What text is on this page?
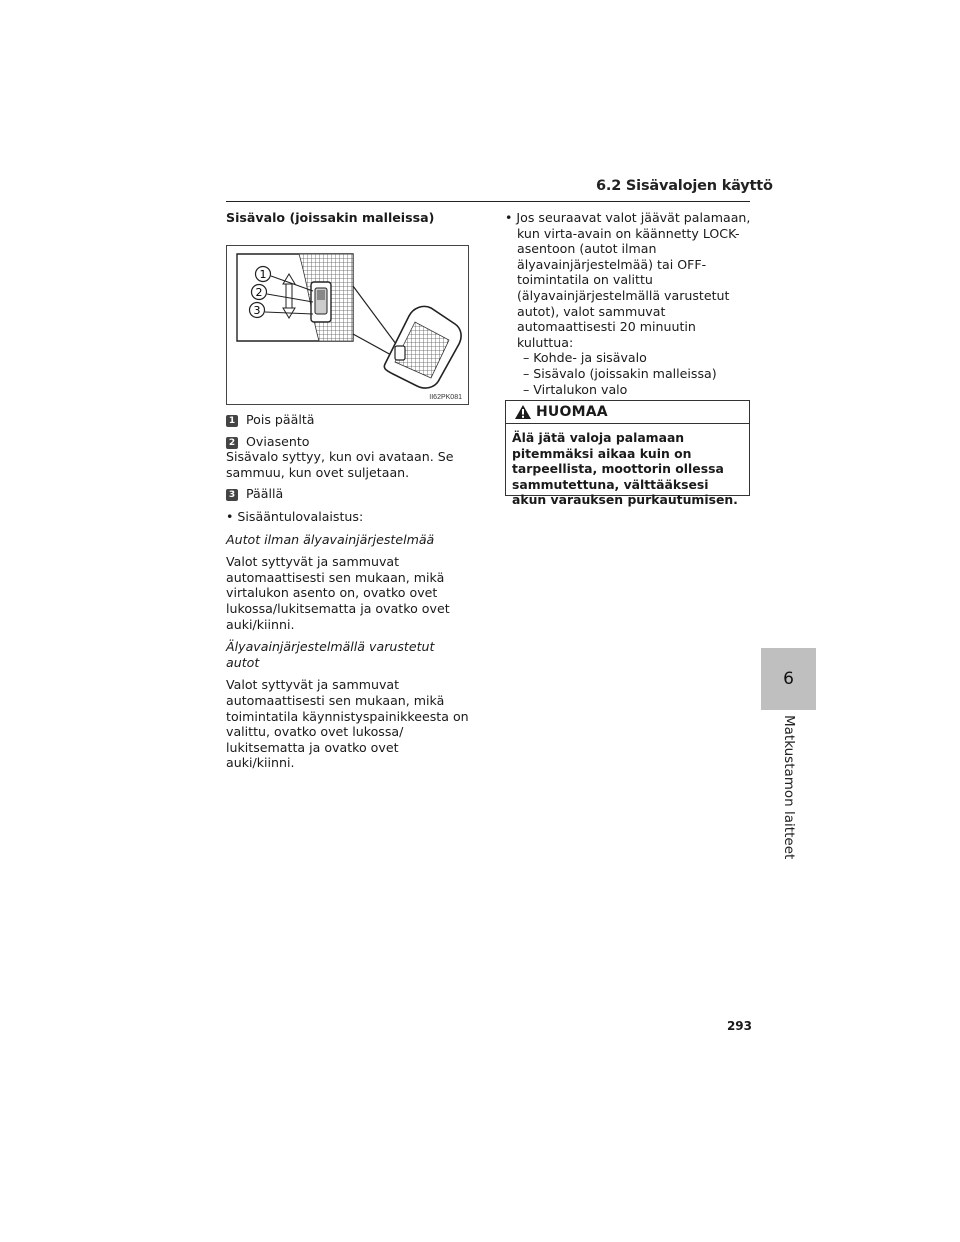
6.2 Sisävalojen käyttö

Sisävalo (joissakin malleissa)

1
2
3
II62PK081

1 Pois päältä

2 Oviasento

Sisävalo syttyy, kun ovi avataan. Se sammuu, kun ovet suljetaan.

3 Päällä

• Sisääntulovalaistus:

Autot ilman älyavainjärjestelmää

Valot syttyvät ja sammuvat automaattisesti sen mukaan, mikä virtalukon asento on, ovatko ovet lukossa/lukitsematta ja ovatko ovet auki/kiinni.

Älyavainjärjestelmällä varustetut autot

Valot syttyvät ja sammuvat automaattisesti sen mukaan, mikä toimintatila käynnistyspainikkeesta on valittu, ovatko ovet lukossa/ lukitsematta ja ovatko ovet auki/kiinni.

• Jos seuraavat valot jäävät palamaan, kun virta-avain on käännetty LOCK-asentoon (autot ilman älyavainjärjestelmää) tai OFF-toimintatila on valittu (älyavainjärjestelmällä varustetut autot), valot sammuvat automaattisesti 20 minuutin kuluttua:

– Kohde- ja sisävalo
– Sisävalo (joissakin malleissa)
– Virtalukon valo
HUOMAA
Älä jätä valoja palamaan pitemmäksi aikaa kuin on tarpeellista, moottorin ollessa sammutettuna, välttääksesi akun varauksen purkautumisen.
6
Matkustamon laitteet
293
